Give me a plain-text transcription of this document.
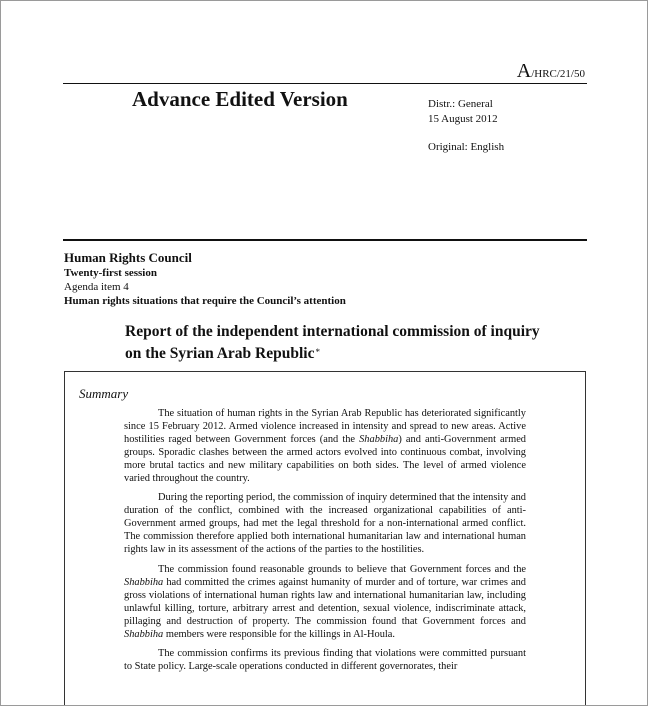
A/HRC/21/50
Advance Edited Version	Distr.: General
15 August 2012
Original: English
Human Rights Council
Twenty-first session
Agenda item 4
Human rights situations that require the Council’s attention
Report of the independent international commission of inquiry on the Syrian Arab Republic*
Summary

The situation of human rights in the Syrian Arab Republic has deteriorated significantly since 15 February 2012. Armed violence increased in intensity and spread to new areas. Active hostilities raged between Government forces (and the Shabbiha) and anti-Government armed groups. Sporadic clashes between the armed actors evolved into continuous combat, involving more brutal tactics and new military capabilities on both sides. The level of armed violence varied throughout the country.

During the reporting period, the commission of inquiry determined that the intensity and duration of the conflict, combined with the increased organizational capabilities of anti-Government armed groups, had met the legal threshold for a non-international armed conflict. The commission therefore applied both international humanitarian law and international human rights law in its assessment of the actions of the parties to the hostilities.

The commission found reasonable grounds to believe that Government forces and the Shabbiha had committed the crimes against humanity of murder and of torture, war crimes and gross violations of international human rights law and international humanitarian law, including unlawful killing, torture, arbitrary arrest and detention, sexual violence, indiscriminate attack, pillaging and destruction of property. The commission found that Government forces and Shabbiha members were responsible for the killings in Al-Houla.

The commission confirms its previous finding that violations were committed pursuant to State policy. Large-scale operations conducted in different governorates, their
